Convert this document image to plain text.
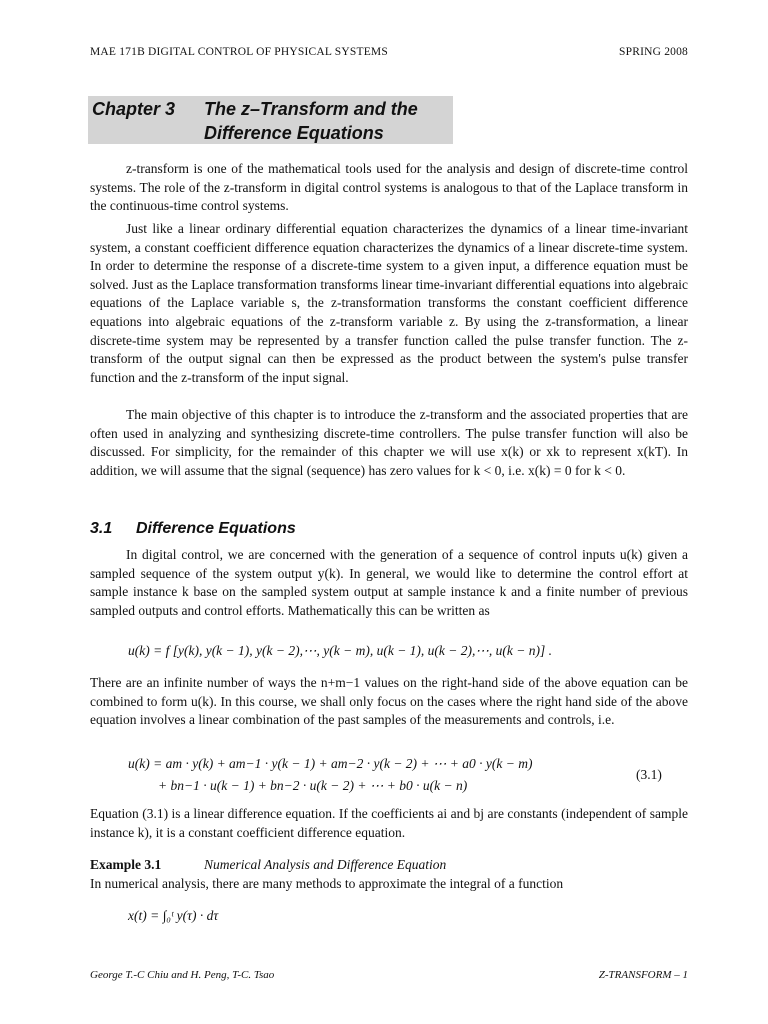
MAE 171B DIGITAL CONTROL OF PHYSICAL SYSTEMS	SPRING 2008
Chapter 3	The z–Transform and the
Difference Equations

z-transform is one of the mathematical tools used for the analysis and design of discrete-time control systems. The role of the z-transform in digital control systems is analogous to that of the Laplace transform in the continuous-time control systems.

Just like a linear ordinary differential equation characterizes the dynamics of a linear time-invariant system, a constant coefficient difference equation characterizes the dynamics of a linear discrete-time system. In order to determine the response of a discrete-time system to a given input, a difference equation must be solved. Just as the Laplace transformation transforms linear time-invariant differential equations into algebraic equations of the Laplace variable s, the z-transformation transforms the constant coefficient difference equations into algebraic equations of the z-transform variable z. By using the z-transformation, a linear discrete-time system may be represented by a transfer function called the pulse transfer function. The z-transform of the output signal can then be expressed as the product between the system's pulse transfer function and the z-transform of the input signal.

The main objective of this chapter is to introduce the z-transform and the associated properties that are often used in analyzing and synthesizing discrete-time controllers. The pulse transfer function will also be discussed. For simplicity, for the remainder of this chapter we will use x(k) or xk to represent x(kT). In addition, we will assume that the signal (sequence) has zero values for k < 0, i.e. x(k) = 0 for k < 0.

3.1 Difference Equations

In digital control, we are concerned with the generation of a sequence of control inputs u(k) given a sampled sequence of the system output y(k). In general, we would like to determine the control effort at sample instance k base on the sampled system output at sample instance k and a finite number of previous sampled outputs and control efforts. Mathematically this can be written as

u(k) = f [y(k), y(k − 1), y(k − 2),⋯, y(k − m), u(k − 1), u(k − 2),⋯, u(k − n)] .

There are an infinite number of ways the n+m−1 values on the right-hand side of the above equation can be combined to form u(k). In this course, we shall only focus on the cases where the right hand side of the above equation involves a linear combination of the past samples of the measurements and controls, i.e.

u(k) = am · y(k) + am−1 · y(k − 1) + am−2 · y(k − 2) + ⋯ + a0 · y(k − m)
+ bn−1 · u(k − 1) + bn−2 · u(k − 2) + ⋯ + b0 · u(k − n)
(3.1)

Equation (3.1) is a linear difference equation. If the coefficients ai and bj are constants (independent of sample instance k), it is a constant coefficient difference equation.

Example 3.1	Numerical Analysis and Difference Equation

In numerical analysis, there are many methods to approximate the integral of a function

x(t) = ∫₀ᵗ y(τ) · dτ
George T.-C Chiu and H. Peng, T-C. Tsao	Z-TRANSFORM – 1
